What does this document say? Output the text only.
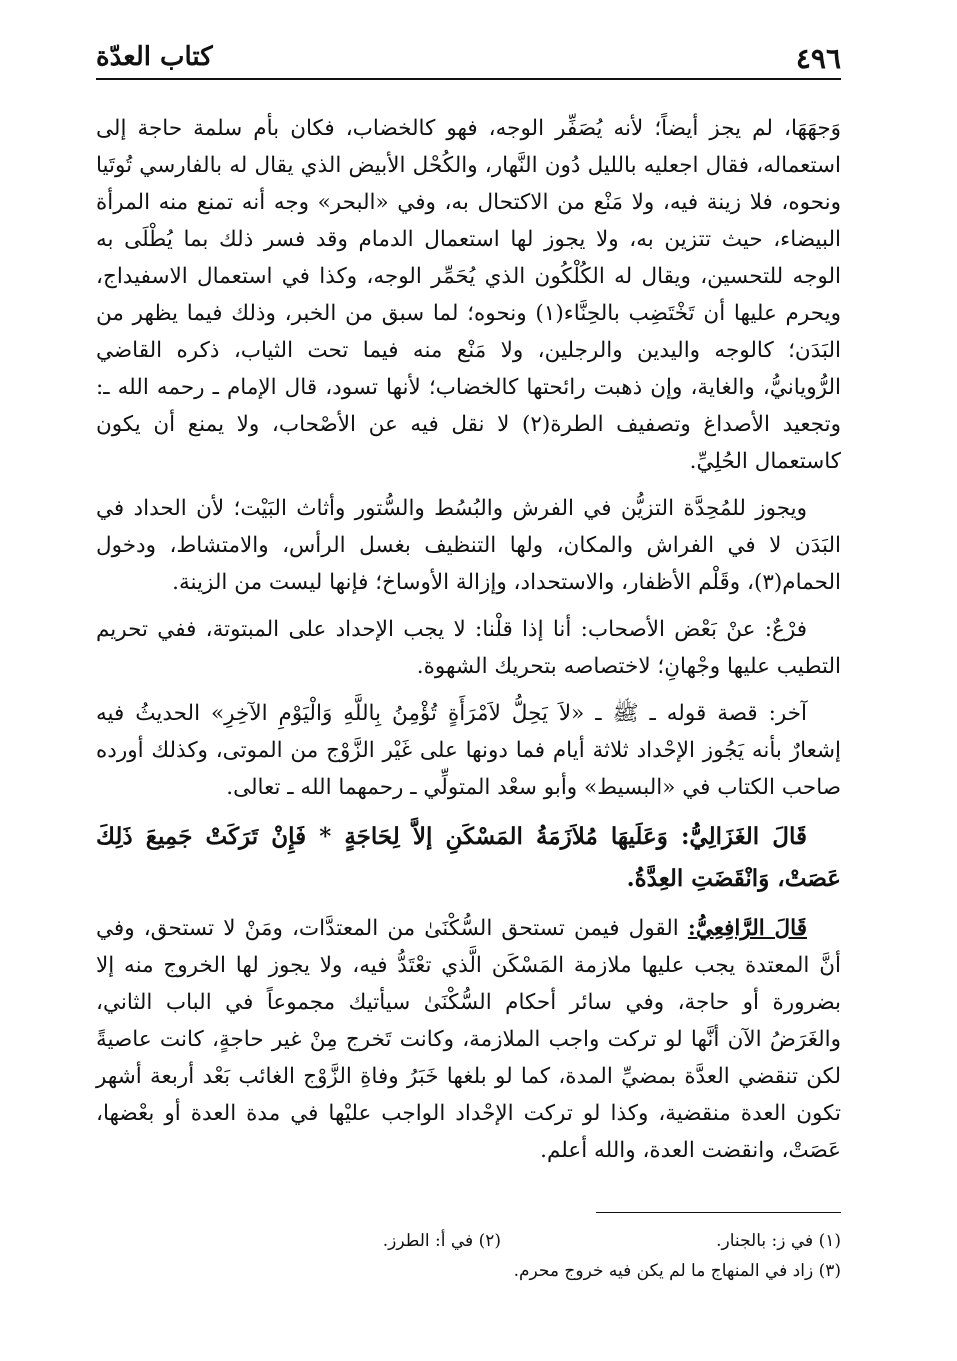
٤٩٦
كتاب العدّة

وَجهَهَا، لم يجز أيضاً؛ لأنه يُصَفِّر الوجه، فهو كالخضاب، فكان بأم سلمة حاجة إلى استعماله، فقال اجعليه بالليل دُون النَّهار، والكُحْل الأبيض الذي يقال له بالفارسي تُوتَيا ونحوه، فلا زينة فيه، ولا مَنْع من الاكتحال به، وفي «البحر» وجه أنه تمنع منه المرأة البيضاء، حيث تتزين به، ولا يجوز لها استعمال الدمام وقد فسر ذلك بما يُطْلَى به الوجه للتحسين، ويقال له الكُلْكُون الذي يُحَمِّر الوجه، وكذا في استعمال الاسفيداج، ويحرم عليها أن تَخْتَضِب بالحِنَّاء(١) ونحوه؛ لما سبق من الخبر، وذلك فيما يظهر من البَدَن؛ كالوجه واليدين والرجلين، ولا مَنْع منه فيما تحت الثياب، ذكره القاضي الرُّويانيُّ، والغاية، وإن ذهبت رائحتها كالخضاب؛ لأنها تسود، قال الإمام ـ رحمه الله ـ: وتجعيد الأصداغ وتصفيف الطرة(٢) لا نقل فيه عن الأصْحاب، ولا يمنع أن يكون كاستعمال الحُلِيِّ.

ويجوز للمُحِدَّة التزيُّن في الفرش والبُسُط والسُّتور وأثاث البَيْت؛ لأن الحداد في البَدَن لا في الفراش والمكان، ولها التنظيف بغسل الرأس، والامتشاط، ودخول الحمام(٣)، وقَلْم الأظفار، والاستحداد، وإزالة الأوساخ؛ فإنها ليست من الزينة.

فرْعٌ: عنْ بَعْض الأصحاب: أنا إذا قلْنا: لا يجب الإحداد على المبتوتة، ففي تحريم التطيب عليها وجْهانِ؛ لاختصاصه بتحريك الشهوة.

آخر: قصة قوله ـ ﷺ ـ «لاَ يَحِلُّ لاَمْرَأَةٍ تُؤْمِنُ بِاللَّهِ وَالْيَوْمِ الآخِرِ» الحديثُ فيه إشعارٌ بأنه يَجُوز الإحْداد ثلاثة أيام فما دونها على غَيْر الزَّوْج من الموتى، وكذلك أورده صاحب الكتاب في «البسيط» وأبو سعْد المتولِّي ـ رحمهما الله ـ تعالى.

قَالَ الغَزَالِيُّ: وَعَلَيهَا مُلاَزَمَةُ المَسْكَنِ إلاَّ لِحَاجَةٍ * فَإِنْ تَرَكَتْ جَمِيعَ ذَلِكَ عَصَتْ، وَانْقَضَتِ العِدَّةُ.

قَالَ الرَّافِعِيُّ: القول فيمن تستحق السُّكْنَىٰ من المعتدَّات، ومَنْ لا تستحق، وفي أنَّ المعتدة يجب عليها ملازمة المَسْكَن الَّذي تعْتَدُّ فيه، ولا يجوز لها الخروج منه إلا بضرورة أو حاجة، وفي سائر أحكام السُّكْنَىٰ سيأتيك مجموعاً في الباب الثاني، والغَرَضُ الآن أنَّها لو تركت واجب الملازمة، وكانت تَخرج مِنْ غير حاجةٍ، كانت عاصيةً لكن تنقضي العدَّة بمضيِّ المدة، كما لو بلغها خَبَرُ وفاةِ الزَّوْج الغائب بَعْد أربعة أشهر تكون العدة منقضية، وكذا لو تركت الإحْداد الواجب عليْها في مدة العدة أو بعْضها، عَصَتْ، وانقضت العدة، والله أعلم.

(١) في ز: بالجنار.
(٢) في أ: الطرز.
(٣) زاد في المنهاج ما لم يكن فيه خروج محرم.
